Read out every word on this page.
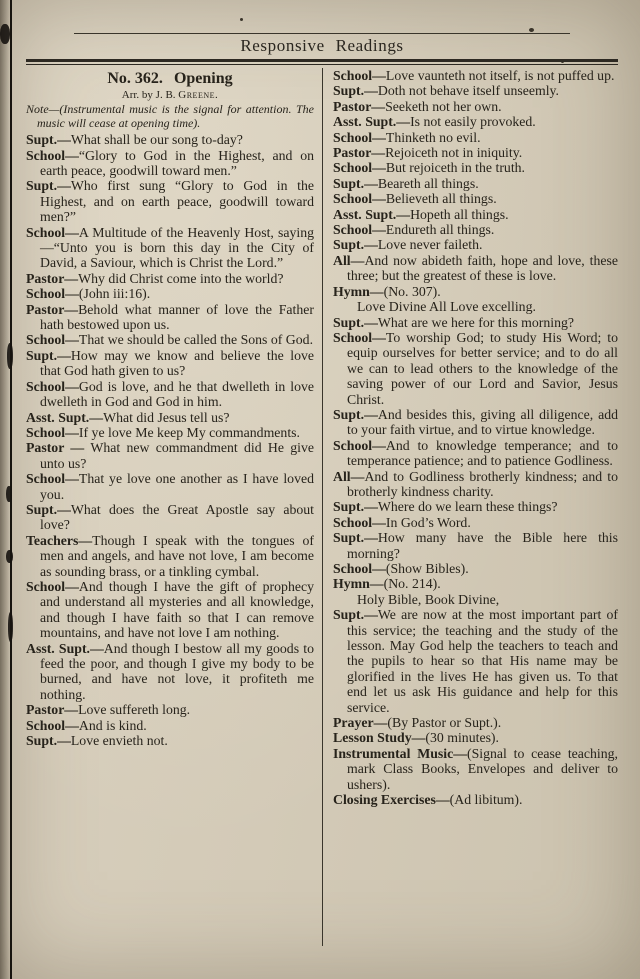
Responsive Readings

No. 362. Opening

Arr. by J. B. Greene.

Note—(Instrumental music is the signal for attention. The music will cease at opening time).

Supt.—What shall be our song to-day?

School—“Glory to God in the Highest, and on earth peace, goodwill toward men.”

Supt.—Who first sung “Glory to God in the Highest, and on earth peace, goodwill toward men?”

School—A Multitude of the Heavenly Host, saying—“Unto you is born this day in the City of David, a Saviour, which is Christ the Lord.”

Pastor—Why did Christ come into the world?

School—(John iii:16).

Pastor—Behold what manner of love the Father hath bestowed upon us.

School—That we should be called the Sons of God.

Supt.—How may we know and believe the love that God hath given to us?

School—God is love, and he that dwelleth in love dwelleth in God and God in him.

Asst. Supt.—What did Jesus tell us?

School—If ye love Me keep My commandments.

Pastor — What new commandment did He give unto us?

School—That ye love one another as I have loved you.

Supt.—What does the Great Apostle say about love?

Teachers—Though I speak with the tongues of men and angels, and have not love, I am become as sounding brass, or a tinkling cymbal.

School—And though I have the gift of prophecy and understand all mysteries and all knowledge, and though I have faith so that I can remove mountains, and have not love I am nothing.

Asst. Supt.—And though I bestow all my goods to feed the poor, and though I give my body to be burned, and have not love, it profiteth me nothing.

Pastor—Love suffereth long.

School—And is kind.

Supt.—Love envieth not.

School—Love vaunteth not itself, is not puffed up.

Supt.—Doth not behave itself unseemly.

Pastor—Seeketh not her own.

Asst. Supt.—Is not easily provoked.

School—Thinketh no evil.

Pastor—Rejoiceth not in iniquity.

School—But rejoiceth in the truth.

Supt.—Beareth all things.

School—Believeth all things.

Asst. Supt.—Hopeth all things.

School—Endureth all things.

Supt.—Love never faileth.

All—And now abideth faith, hope and love, these three; but the greatest of these is love.

Hymn—(No. 307).

Love Divine All Love excelling.

Supt.—What are we here for this morning?

School—To worship God; to study His Word; to equip ourselves for better service; and to do all we can to lead others to the knowledge of the saving power of our Lord and Savior, Jesus Christ.

Supt.—And besides this, giving all diligence, add to your faith virtue, and to virtue knowledge.

School—And to knowledge temperance; and to temperance patience; and to patience Godliness.

All—And to Godliness brotherly kindness; and to brotherly kindness charity.

Supt.—Where do we learn these things?

School—In God’s Word.

Supt.—How many have the Bible here this morning?

School—(Show Bibles).

Hymn—(No. 214).

Holy Bible, Book Divine,

Supt.—We are now at the most important part of this service; the teaching and the study of the lesson. May God help the teachers to teach and the pupils to hear so that His name may be glorified in the lives He has given us. To that end let us ask His guidance and help for this service.

Prayer—(By Pastor or Supt.).

Lesson Study—(30 minutes).

Instrumental Music—(Signal to cease teaching, mark Class Books, Envelopes and deliver to ushers).

Closing Exercises—(Ad libitum).
